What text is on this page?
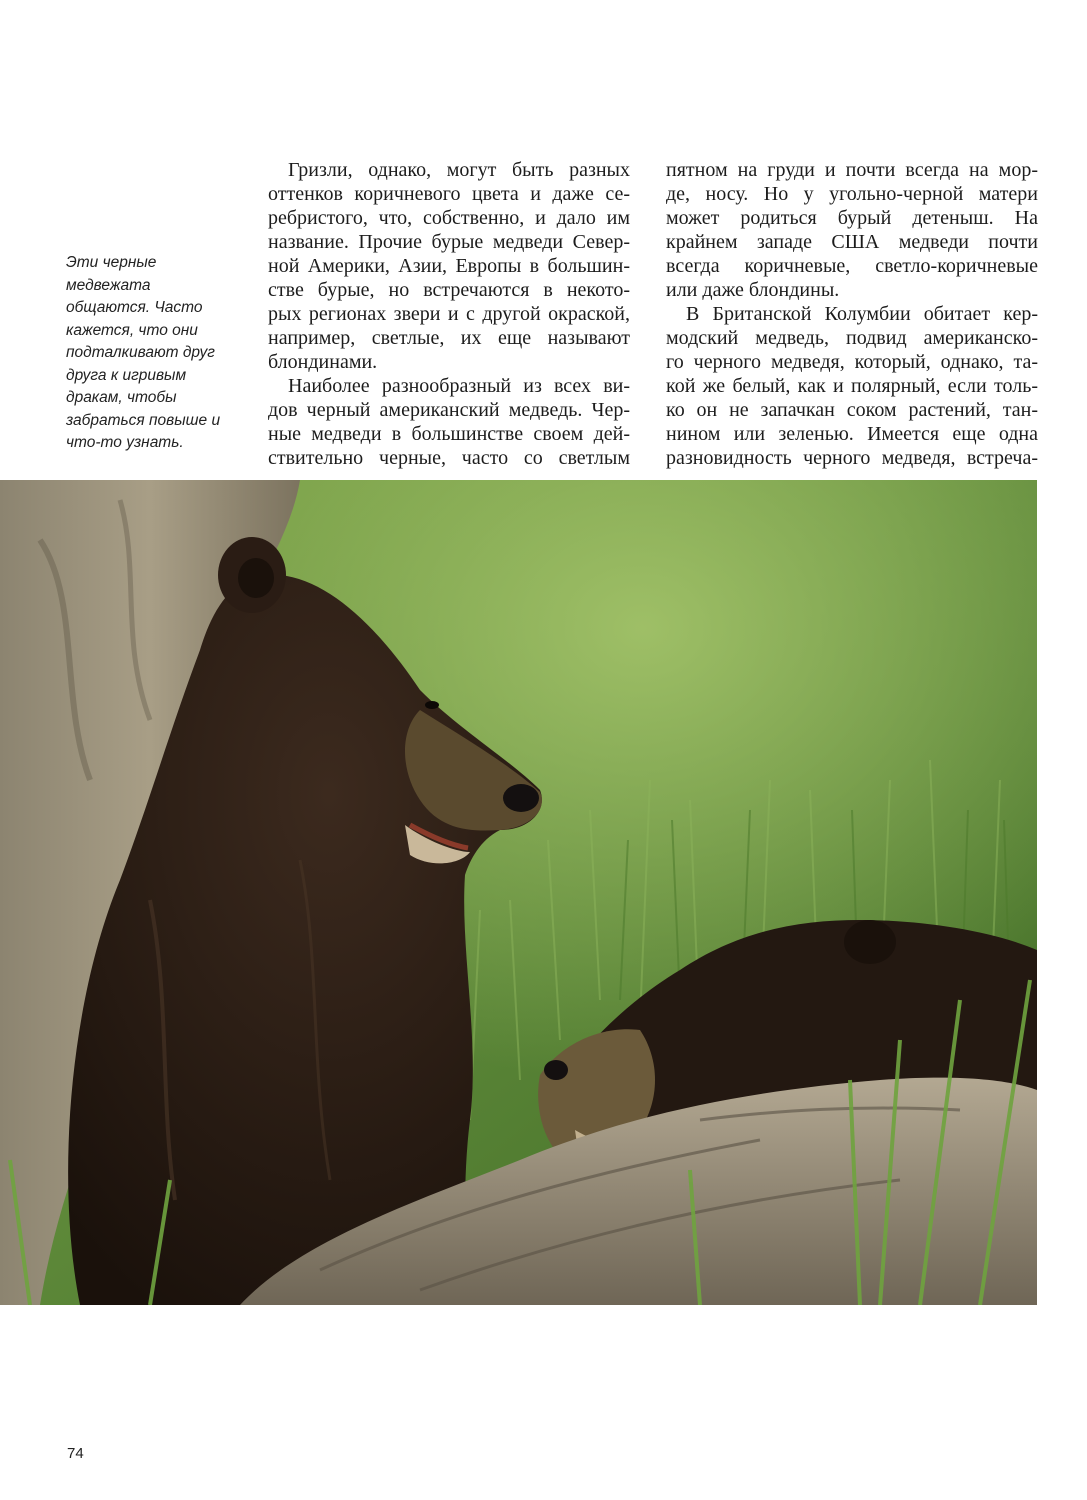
Эти черные
медвежата
общаются. Часто
кажется, что они
подталкивают друг
друга к игривым
дракам, чтобы
забраться повыше и
что-то узнать.
Гризли, однако, могут быть разных
оттенков коричневого цвета и даже се-
ребристого, что, собственно, и дало им
название. Прочие бурые медведи Север-
ной Америки, Азии, Европы в большин-
стве бурые, но встречаются в некото-
рых регионах звери и с другой окраской,
например, светлые, их еще называют
блондинами.
Наиболее разнообразный из всех ви-
дов черный американский медведь. Чер-
ные медведи в большинстве своем дей-
ствительно черные, часто со светлым
пятном на груди и почти всегда на мор-
де, носу. Но у угольно-черной матери
может родиться бурый детеныш. На
крайнем западе США медведи почти
всегда коричневые, светло-коричневые
или даже блондины.
В Британской Колумбии обитает кер-
модский медведь, подвид американско-
го черного медведя, который, однако, та-
кой же белый, как и полярный, если толь-
ко он не запачкан соком растений, тан-
нином или зеленью. Имеется еще одна
разновидность черного медведя, встреча-
74
